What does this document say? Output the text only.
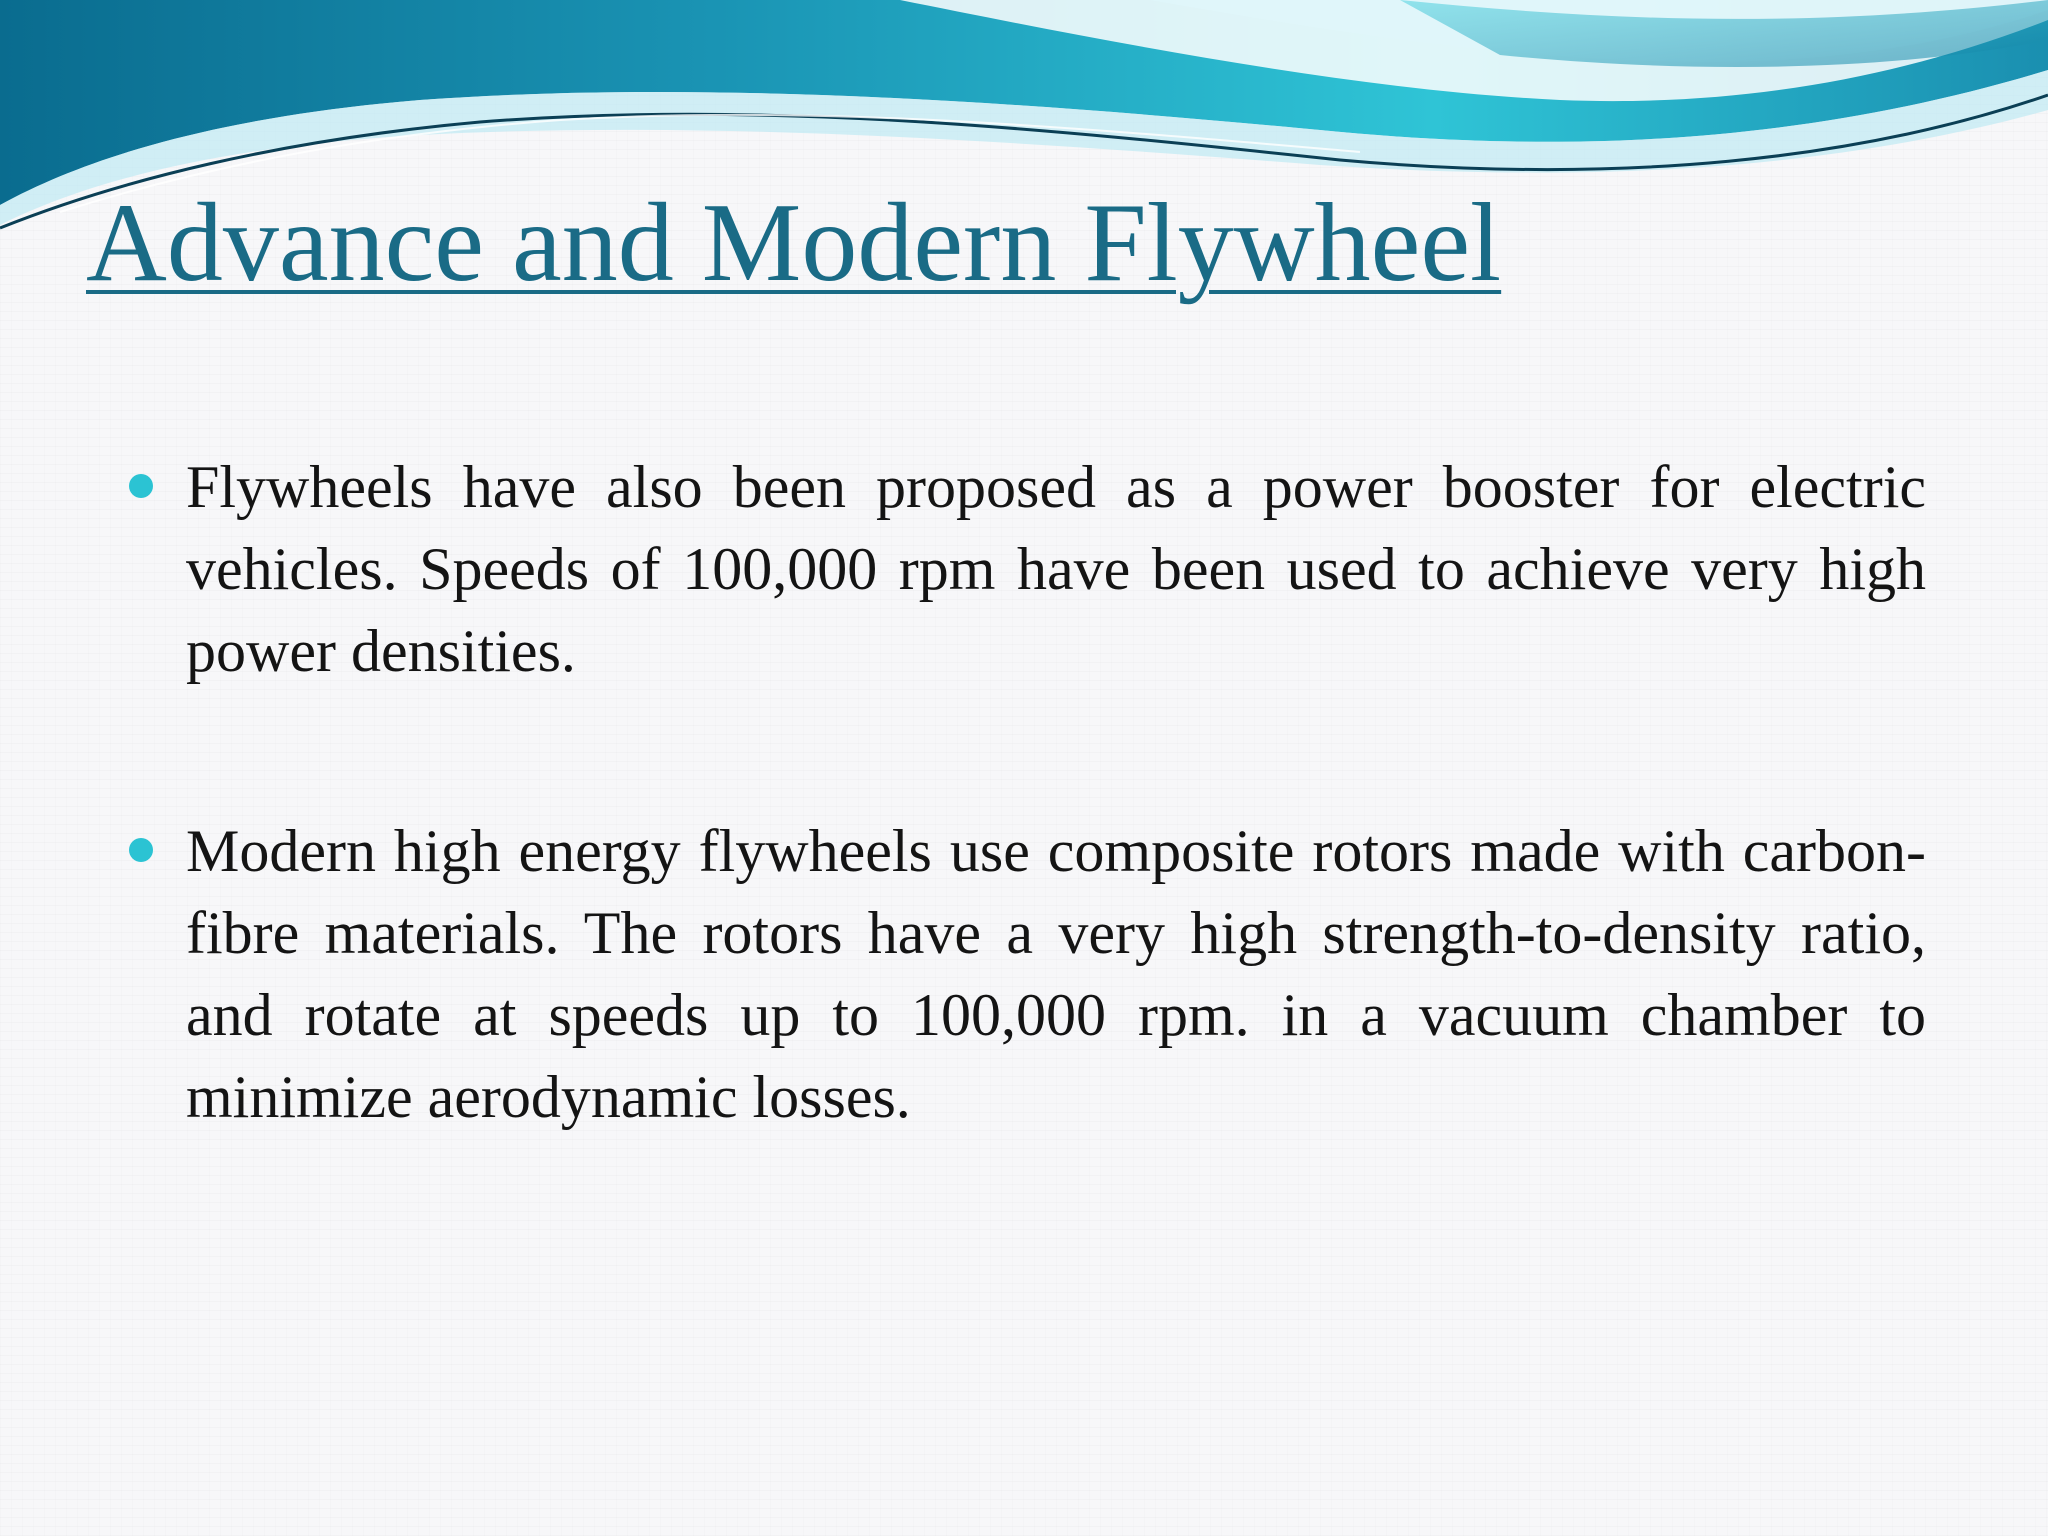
Advance and Modern Flywheel
Flywheels have also been proposed as a power booster for electric vehicles. Speeds of 100,000 rpm have been used to achieve very high power densities.
Modern high energy flywheels use composite rotors made with carbon-fibre materials. The rotors have a very high strength-to-density ratio, and rotate at speeds up to 100,000 rpm. in a vacuum chamber to minimize aerodynamic losses.
